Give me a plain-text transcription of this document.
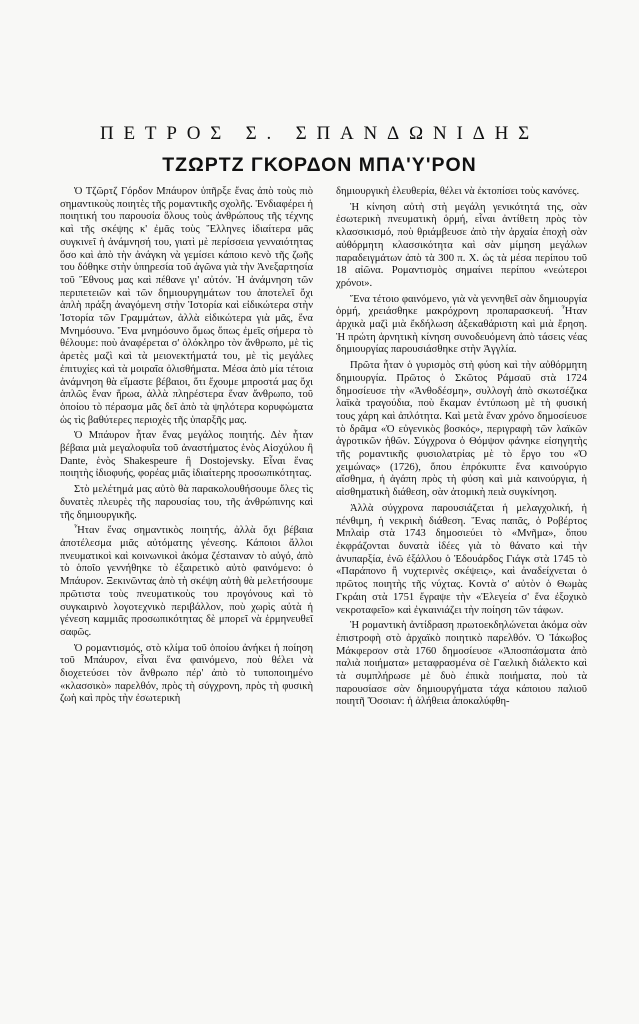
ΠΕΤΡΟΣ Σ. ΣΠΑΝΔΩΝΙΔΗΣ
ΤΖΩΡΤΖ ΓΚΟΡΔΟΝ ΜΠΑ'Υ'ΡΟΝ

Ὁ Τζῶρτζ Γόρδον Μπάυρον ὑπῆρξε ἕνας ἀπὸ τοὺς πιὸ σημαντικοὺς ποιητὲς τῆς ρομαντικῆς σχολῆς. Ἐνδιαφέρει ἡ ποιητική του παρουσία ὅλους τοὺς ἀνθρώπους τῆς τέχνης καὶ τῆς σκέψης κ' ἐμᾶς τοὺς Ἕλληνες ἰδιαίτερα μᾶς συγκινεῖ ἡ ἀνάμνησή του, γιατὶ μὲ περίσσεια γενναιότητας ὅσο καὶ ἀπὸ τὴν ἀνάγκη νὰ γεμίσει κάποιο κενὸ τῆς ζωῆς του δόθηκε στὴν ὑπηρεσία τοῦ ἀγῶνα γιὰ τὴν Ἀνεξαρτησία τοῦ Ἔθνους μας καὶ πέθανε γι' αὐτόν. Ἡ ἀνάμνηση τῶν περιπετειῶν καὶ τῶν δημιουργημάτων του ἀποτελεῖ ὄχι ἁπλὴ πράξη ἀναγόμενη στὴν Ἱστορία καὶ εἰδικώτερα στὴν Ἱστορία τῶν Γραμμάτων, ἀλλὰ εἰδικώτερα γιὰ μᾶς, ἕνα Μνημόσυνο. Ἕνα μνημόσυνο ὅμως ὅπως ἐμεῖς σήμερα τὸ θέλουμε: ποὺ ἀναφέρεται σ' ὁλόκληρο τὸν ἄνθρωπο, μὲ τὶς ἀρετὲς μαζὶ καὶ τὰ μειονεκτήματά του, μὲ τὶς μεγάλες ἐπιτυχίες καὶ τὰ μοιραῖα ὀλισθήματα. Μέσα ἀπὸ μία τέτοια ἀνάμνηση θὰ εἴμαστε βέβαιοι, ὅτι ἔχουμε μπροστά μας ὄχι ἁπλῶς ἕναν ἥρωα, ἀλλὰ πληρέστερα ἕναν ἄνθρωπο, τοῦ ὁποίου τὸ πέρασμα μᾶς δεῖ ἀπὸ τὰ ψηλότερα κορυφώματα ὡς τὶς βαθύτερες περιοχὲς τῆς ὑπαρξῆς μας.

Ὁ Μπάυρον ἦταν ἕνας μεγάλος ποιητής. Δὲν ἦταν βέβαια μιὰ μεγαλοφυΐα τοῦ ἀναστήματος ἑνὸς Αἰσχύλου ἢ Dante, ἑνὸς Shakespeure ἢ Dostojevsky. Εἶναι ἕνας ποιητὴς ἰδιοφυής, φορέας μιᾶς ἰδιαίτερης προσωπικότητας.

Στὸ μελέτημά μας αὐτὸ θὰ παρακολουθήσουμε ὅλες τὶς δυνατὲς πλευρὲς τῆς παρουσίας του, τῆς ἀνθρώπινης καὶ τῆς δημιουργικῆς.

Ἦταν ἕνας σημαντικὸς ποιητής, ἀλλὰ ὄχι βέβαια ἀποτέλεσμα μιᾶς αὐτόματης γένεσης. Κάποιοι ἄλλοι πνευματικοὶ καὶ κοινωνικοὶ ἀκόμα ζέσταιναν τὸ αὐγό, ἀπὸ τὸ ὁποῖο γεννήθηκε τὸ ἐξαιρετικὸ αὐτὸ φαινόμενο: ὁ Μπάυρον. Ξεκινῶντας ἀπὸ τὴ σκέψη αὐτὴ θὰ μελετήσουμε πρῶτιστα τοὺς πνευματικοὺς του προγόνους καὶ τὸ συγκαιρινὸ λογοτεχνικὸ περιβάλλον, ποὺ χωρὶς αὐτὰ ἡ γένεση καμμιᾶς προσωπικότητας δὲ μπορεῖ νὰ ἑρμηνευθεῖ σαφῶς.

Ὁ ρομαντισμός, στὸ κλίμα τοῦ ὁποίου ἀνήκει ἡ ποίηση τοῦ Μπάυρον, εἶναι ἕνα φαινόμενο, ποὺ θέλει νὰ διοχετεύσει τὸν ἄνθρωπο πέρ' ἀπὸ τὸ τυποποιημένο «κλασσικὸ» παρελθόν, πρὸς τὴ σύγχρονη, πρὸς τὴ φυσικὴ ζωὴ καὶ πρὸς τὴν ἐσωτερικὴ

δημιουργικὴ ἐλευθερία, θέλει νὰ ἐκτοπίσει τοὺς κανόνες.

Ἡ κίνηση αὐτὴ στὴ μεγάλη γενικότητά της, σὰν ἐσωτερικὴ πνευματικὴ ὁρμή, εἶναι ἀντίθετη πρὸς τὸν κλασσικισμό, ποὺ θριάμβευσε ἀπὸ τὴν ἀρχαία ἐποχὴ σὰν αὐθόρμητη κλασσικότητα καὶ σὰν μίμηση μεγάλων παραδειγμάτων ἀπὸ τὰ 300 π. Χ. ὡς τὰ μέσα περίπου τοῦ 18 αἰῶνα. Ρομαντισμὸς σημαίνει περίπου «νεώτεροι χρόνοι».

Ἕνα τέτοιο φαινόμενο, γιὰ νὰ γεννηθεῖ σὰν δημιουργία ὁρμή, χρειάσθηκε μακρόχρονη προπαρασκευή. Ἦταν ἀρχικὰ μαζὶ μιὰ ἔκδήλωση ἀξεκαθάριστη καὶ μιὰ ἔρηση. Ἡ πρώτη ἀρνητικὴ κίνηση συνοδευόμενη ἀπὸ τάσεις νέας δημιουργίας παρουσιάσθηκε στὴν Ἀγγλία.

Πρῶτα ἦταν ὁ γυρισμὸς στὴ φύση καὶ τὴν αὐθόρμητη δημιουργία. Πρῶτος ὁ Σκῶτος Ράμσαϋ στὰ 1724 δημοσίευσε τὴν «Ἀνθοδέσμη», συλλογὴ ἀπὸ σκωτσέζικα λαϊκὰ τραγούδια, ποὺ ἔκαμαν ἐντύπωση μὲ τὴ φυσική τους χάρη καὶ ἀπλότητα. Καὶ μετὰ ἕναν χρόνο δημοσίευσε τὸ δρᾶμα «Ὁ εὐγενικὸς βοσκός», περιγραφὴ τῶν λαϊκῶν ἀγροτικῶν ἠθῶν. Σύγχρονα ὁ Θόμψον φάνηκε εἰσηγητὴς τῆς ρομαντικῆς φυσιολατρίας μὲ τὸ ἔργο του «Ὁ χειμώνας» (1726), ὅπου ἐπρόκυπτε ἕνα καινούργιο αἴσθημα, ἡ ἀγάπη πρὸς τὴ φύση καὶ μιὰ καινούργια, ἡ αἰσθηματικὴ διάθεση, σὰν ἀτομικὴ πειὰ συγκίνηση.

Ἀλλὰ σύγχρονα παρουσιάζεται ἡ μελαγχολική, ἡ πένθιμη, ἡ νεκρικὴ διάθεση. Ἕνας παπᾶς, ὁ Ροβέρτος Μπλαὶρ στὰ 1743 δημοσιεύει τὸ «Μνῆμα», ὅπου ἐκφράζονται δυνατὰ ἰδέες γιὰ τὸ θάνατο καὶ τὴν ἀνυπαρξία, ἐνῶ ἐξάλλου ὁ Ἐδουάρδος Γιάγκ στὰ 1745 τὸ «Παράπονο ἢ νυχτερινὲς σκέψεις», καὶ ἀναδείχνεται ὁ πρῶτος ποιητὴς τῆς νύχτας. Κοντὰ σ' αὐτὸν ὁ Θωμὰς Γκράιη στὰ 1751 ἔγραψε τὴν «Ἐλεγεία σ' ἕνα ἐξοχικὸ νεκροταφεῖο» καὶ ἐγκαινιάζει τὴν ποίηση τῶν τάφων.

Ἡ ρομαντικὴ ἀντίδραση πρωτοεκδηλώνεται ἀκόμα σὰν ἐπιστροφὴ στὸ ἀρχαϊκὸ ποιητικὸ παρελθόν. Ὁ Ἰάκωβος Μάκφερσον στὰ 1760 δημοσίευσε «Ἀποσπάσματα ἀπὸ παλιὰ ποιήματα» μεταφρασμένα σὲ Γαελικὴ διάλεκτο καὶ τὰ συμπλήρωσε μὲ δυὸ ἐπικὰ ποιήματα, ποὺ τὰ παρουσίασε σὰν δημιουργήματα τάχα κάποιου παλιοῦ ποιητῆ Ὄσσιαν: ἡ ἀλήθεια ἀποκαλύφθη-
